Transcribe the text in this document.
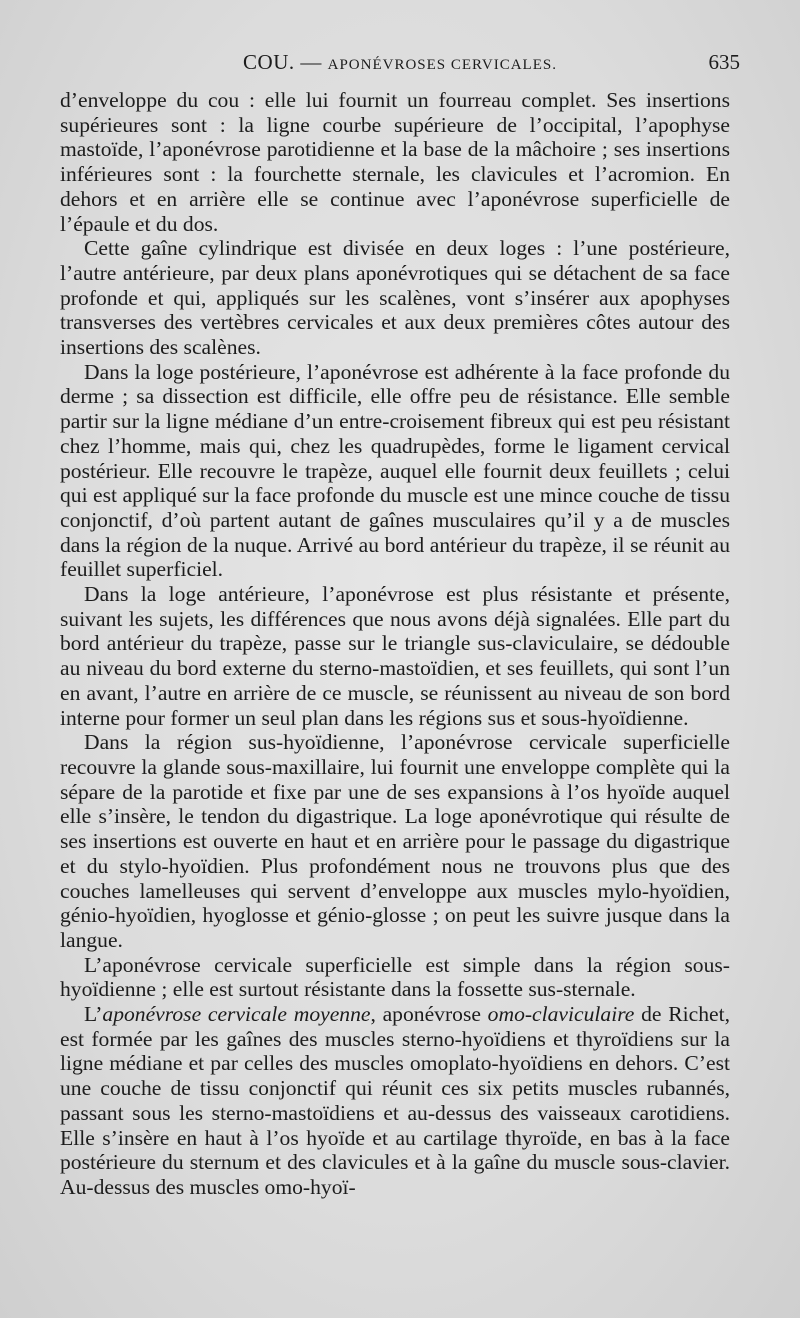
COU. — APONÉVROSES CERVICALES.	635

d’enveloppe du cou : elle lui fournit un fourreau complet. Ses insertions supérieures sont : la ligne courbe supérieure de l’occipital, l’apophyse mastoïde, l’aponévrose parotidienne et la base de la mâchoire ; ses insertions inférieures sont : la fourchette sternale, les clavicules et l’acromion. En dehors et en arrière elle se continue avec l’aponévrose superficielle de l’épaule et du dos.

Cette gaîne cylindrique est divisée en deux loges : l’une postérieure, l’autre antérieure, par deux plans aponévrotiques qui se détachent de sa face profonde et qui, appliqués sur les scalènes, vont s’insérer aux apophyses transverses des vertèbres cervicales et aux deux premières côtes autour des insertions des scalènes.

Dans la loge postérieure, l’aponévrose est adhérente à la face profonde du derme ; sa dissection est difficile, elle offre peu de résistance. Elle semble partir sur la ligne médiane d’un entre-croisement fibreux qui est peu résistant chez l’homme, mais qui, chez les quadrupèdes, forme le ligament cervical postérieur. Elle recouvre le trapèze, auquel elle fournit deux feuillets ; celui qui est appliqué sur la face profonde du muscle est une mince couche de tissu conjonctif, d’où partent autant de gaînes musculaires qu’il y a de muscles dans la région de la nuque. Arrivé au bord antérieur du trapèze, il se réunit au feuillet superficiel.

Dans la loge antérieure, l’aponévrose est plus résistante et présente, suivant les sujets, les différences que nous avons déjà signalées. Elle part du bord antérieur du trapèze, passe sur le triangle sus-claviculaire, se dédouble au niveau du bord externe du sterno-mastoïdien, et ses feuillets, qui sont l’un en avant, l’autre en arrière de ce muscle, se réunissent au niveau de son bord interne pour former un seul plan dans les régions sus et sous-hyoïdienne.

Dans la région sus-hyoïdienne, l’aponévrose cervicale superficielle recouvre la glande sous-maxillaire, lui fournit une enveloppe complète qui la sépare de la parotide et fixe par une de ses expansions à l’os hyoïde auquel elle s’insère, le tendon du digastrique. La loge aponévrotique qui résulte de ses insertions est ouverte en haut et en arrière pour le passage du digastrique et du stylo-hyoïdien. Plus profondément nous ne trouvons plus que des couches lamelleuses qui servent d’enveloppe aux muscles mylo-hyoïdien, génio-hyoïdien, hyoglosse et génio-glosse ; on peut les suivre jusque dans la langue.

L’aponévrose cervicale superficielle est simple dans la région sous-hyoïdienne ; elle est surtout résistante dans la fossette sus-sternale.

L’aponévrose cervicale moyenne, aponévrose omo-claviculaire de Richet, est formée par les gaînes des muscles sterno-hyoïdiens et thyroïdiens sur la ligne médiane et par celles des muscles omoplato-hyoïdiens en dehors. C’est une couche de tissu conjonctif qui réunit ces six petits muscles rubannés, passant sous les sterno-mastoïdiens et au-dessus des vaisseaux carotidiens. Elle s’insère en haut à l’os hyoïde et au cartilage thyroïde, en bas à la face postérieure du sternum et des clavicules et à la gaîne du muscle sous-clavier. Au-dessus des muscles omo-hyoï-
